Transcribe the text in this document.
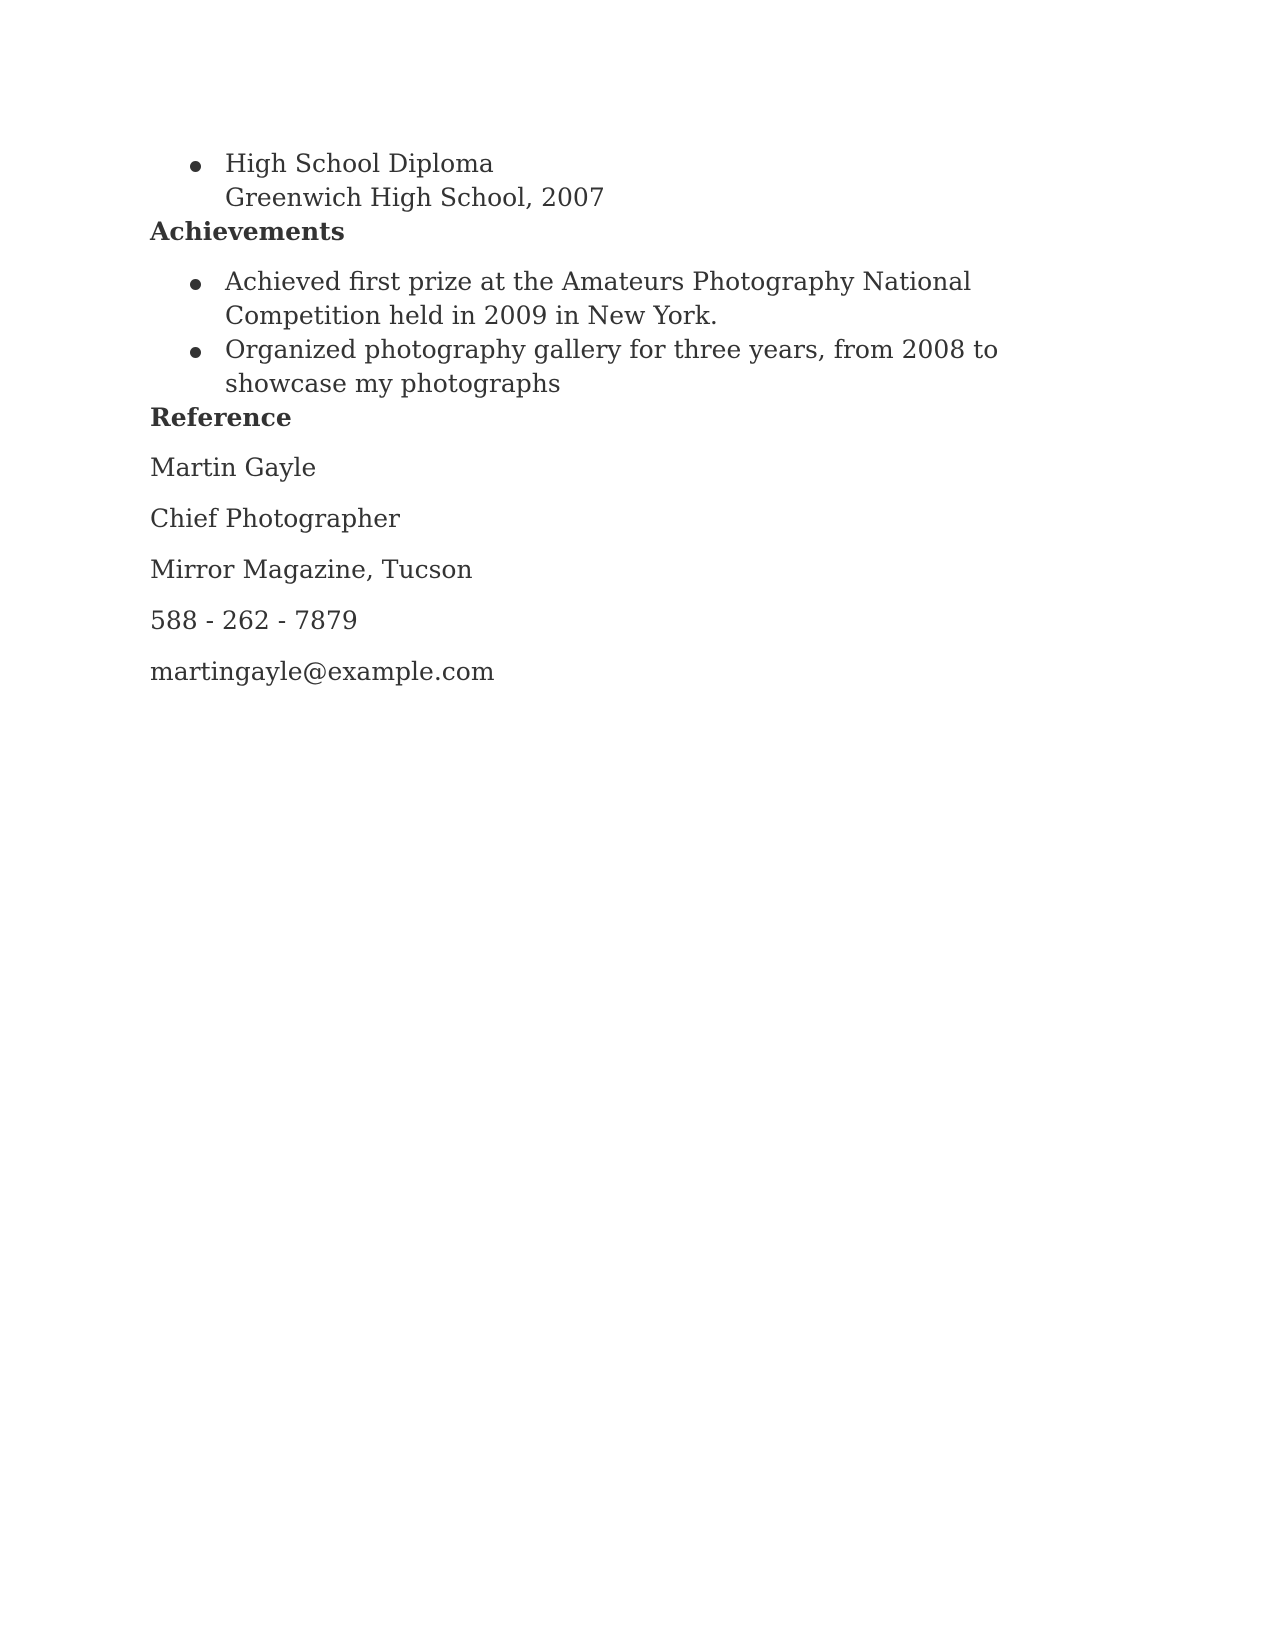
High School Diploma
Greenwich High School, 2007
Achievements
Achieved first prize at the Amateurs Photography National Competition held in 2009 in New York.
Organized photography gallery for three years, from 2008 to showcase my photographs
Reference

Martin Gayle

Chief Photographer

Mirror Magazine, Tucson

588 - 262 - 7879

martingayle@example.com
